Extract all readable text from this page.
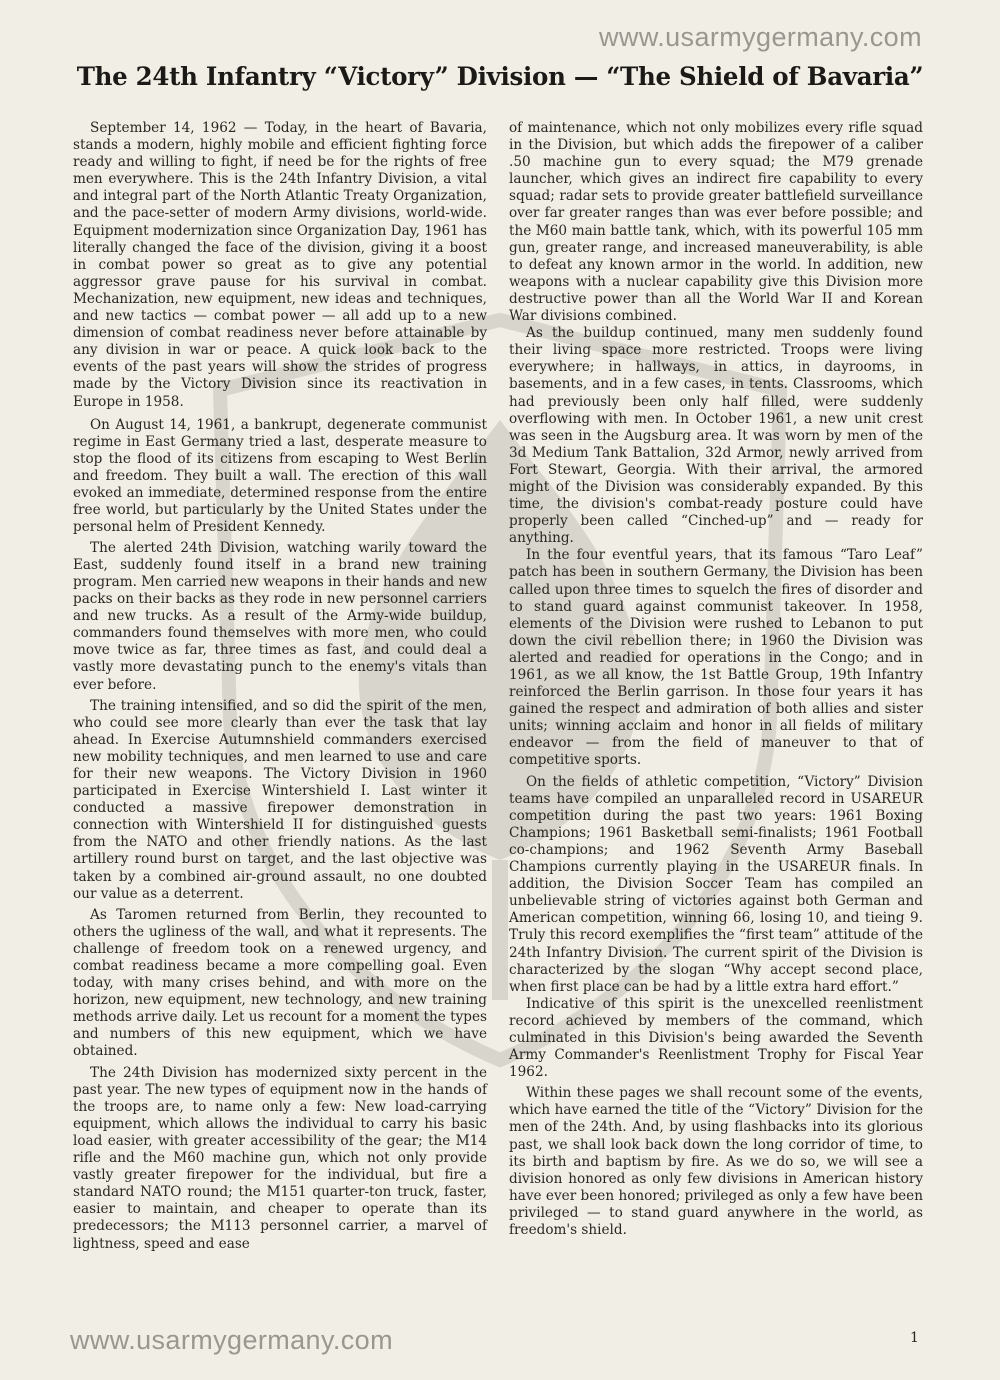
www.usarmygermany.com
The 24th Infantry “Victory” Division — “The Shield of Bavaria”

September 14, 1962 — Today, in the heart of Bavaria, stands a modern, highly mobile and efficient fighting force ready and willing to fight, if need be for the rights of free men everywhere. This is the 24th Infantry Division, a vital and integral part of the North Atlantic Treaty Organization, and the pace-setter of modern Army divisions, world-wide. Equipment modernization since Organization Day, 1961 has literally changed the face of the division, giving it a boost in combat power so great as to give any potential aggressor grave pause for his survival in combat. Mechanization, new equipment, new ideas and techniques, and new tactics — combat power — all add up to a new dimension of combat readiness never before attainable by any division in war or peace. A quick look back to the events of the past years will show the strides of progress made by the Victory Division since its reactivation in Europe in 1958.

On August 14, 1961, a bankrupt, degenerate communist regime in East Germany tried a last, desperate measure to stop the flood of its citizens from escaping to West Berlin and freedom. They built a wall. The erection of this wall evoked an immediate, determined response from the entire free world, but particularly by the United States under the personal helm of President Kennedy.

The alerted 24th Division, watching warily toward the East, suddenly found itself in a brand new training program. Men carried new weapons in their hands and new packs on their backs as they rode in new personnel carriers and new trucks. As a result of the Army-wide buildup, commanders found themselves with more men, who could move twice as far, three times as fast, and could deal a vastly more devastating punch to the enemy's vitals than ever before.

The training intensified, and so did the spirit of the men, who could see more clearly than ever the task that lay ahead. In Exercise Autumnshield commanders exercised new mobility techniques, and men learned to use and care for their new weapons. The Victory Division in 1960 participated in Exercise Wintershield I. Last winter it conducted a massive firepower demonstration in connection with Wintershield II for distinguished guests from the NATO and other friendly nations. As the last artillery round burst on target, and the last objective was taken by a combined air-ground assault, no one doubted our value as a deterrent.

As Taromen returned from Berlin, they recounted to others the ugliness of the wall, and what it represents. The challenge of freedom took on a renewed urgency, and combat readiness became a more compelling goal. Even today, with many crises behind, and with more on the horizon, new equipment, new technology, and new training methods arrive daily. Let us recount for a moment the types and numbers of this new equipment, which we have obtained.

The 24th Division has modernized sixty percent in the past year. The new types of equipment now in the hands of the troops are, to name only a few: New load-carrying equipment, which allows the individual to carry his basic load easier, with greater accessibility of the gear; the M14 rifle and the M60 machine gun, which not only provide vastly greater firepower for the individual, but fire a standard NATO round; the M151 quarter-ton truck, faster, easier to maintain, and cheaper to operate than its predecessors; the M113 personnel carrier, a marvel of lightness, speed and ease

of maintenance, which not only mobilizes every rifle squad in the Division, but which adds the firepower of a caliber .50 machine gun to every squad; the M79 grenade launcher, which gives an indirect fire capability to every squad; radar sets to provide greater battlefield surveillance over far greater ranges than was ever before possible; and the M60 main battle tank, which, with its powerful 105 mm gun, greater range, and increased maneuverability, is able to defeat any known armor in the world. In addition, new weapons with a nuclear capability give this Division more destructive power than all the World War II and Korean War divisions combined.

As the buildup continued, many men suddenly found their living space more restricted. Troops were living everywhere; in hallways, in attics, in dayrooms, in basements, and in a few cases, in tents. Classrooms, which had previously been only half filled, were suddenly overflowing with men. In October 1961, a new unit crest was seen in the Augsburg area. It was worn by men of the 3d Medium Tank Battalion, 32d Armor, newly arrived from Fort Stewart, Georgia. With their arrival, the armored might of the Division was considerably expanded. By this time, the division's combat-ready posture could have properly been called “Cinched-up” and — ready for anything.

In the four eventful years, that its famous “Taro Leaf” patch has been in southern Germany, the Division has been called upon three times to squelch the fires of disorder and to stand guard against communist takeover. In 1958, elements of the Division were rushed to Lebanon to put down the civil rebellion there; in 1960 the Division was alerted and readied for operations in the Congo; and in 1961, as we all know, the 1st Battle Group, 19th Infantry reinforced the Berlin garrison. In those four years it has gained the respect and admiration of both allies and sister units; winning acclaim and honor in all fields of military endeavor — from the field of maneuver to that of competitive sports.

On the fields of athletic competition, “Victory” Division teams have compiled an unparalleled record in USAREUR competition during the past two years: 1961 Boxing Champions; 1961 Basketball semi-finalists; 1961 Football co-champions; and 1962 Seventh Army Baseball Champions currently playing in the USAREUR finals. In addition, the Division Soccer Team has compiled an unbelievable string of victories against both German and American competition, winning 66, losing 10, and tieing 9. Truly this record exemplifies the “first team” attitude of the 24th Infantry Division. The current spirit of the Division is characterized by the slogan “Why accept second place, when first place can be had by a little extra hard effort.”

Indicative of this spirit is the unexcelled reenlistment record achieved by members of the command, which culminated in this Division's being awarded the Seventh Army Commander's Reenlistment Trophy for Fiscal Year 1962.

Within these pages we shall recount some of the events, which have earned the title of the “Victory” Division for the men of the 24th. And, by using flashbacks into its glorious past, we shall look back down the long corridor of time, to its birth and baptism by fire. As we do so, we will see a division honored as only few divisions in American history have ever been honored; privileged as only a few have been privileged — to stand guard anywhere in the world, as freedom's shield.

www.usarmygermany.com	1
